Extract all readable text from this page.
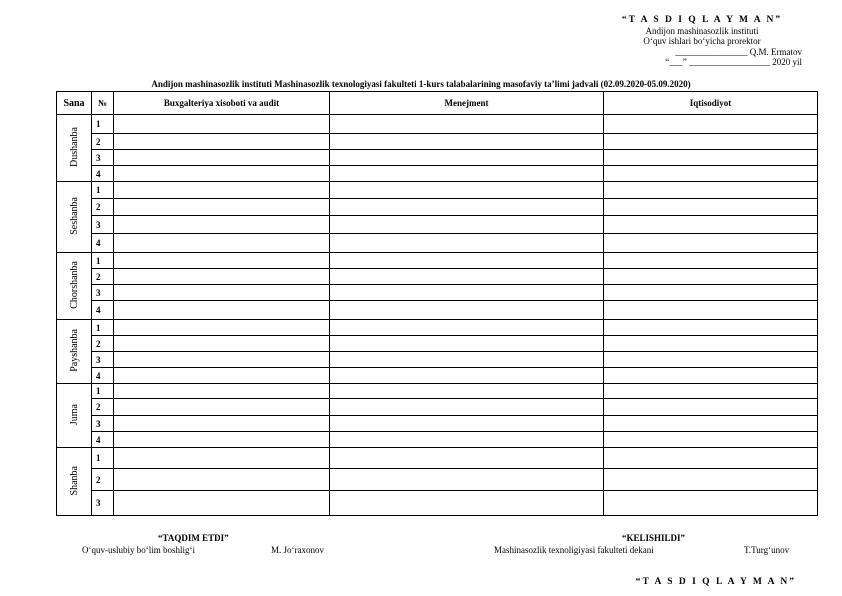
“T A S D I Q L A Y M A N”
Andijon mashinasozlik instituti
O‘quv ishlari bo‘yicha prorektor
________________ Q.M. Ermatov
“___” __________________ 2020 yil
Andijon mashinasozlik instituti Mashinasozlik texnologiyasi fakulteti 1-kurs talabalarining masofaviy ta’limi jadvali (02.09.2020-05.09.2020)
Sana	№	Buxgalteriya xisoboti va audit	Menejment	Iqtisodiyot
Dushanba	1			
	2			
	3			
	4			
Seshanba	1			
	2			
	3			
	4			
Chorshanba	1			
	2			
	3			
	4			
Payshanba	1			
	2			
	3			
	4			
Juma	1			
	2			
	3			
	4			
Shanba	1			
	2			
	3			
“TAQDIM ETDI”
O‘quv-uslubiy bo‘lim boshlig‘i	M. Jo‘raxonov
“KELISHILDI”
Mashinasozlik texnoligiyasi fakulteti dekani	T.Turg‘unov
“T A S D I Q L A Y M A N”
